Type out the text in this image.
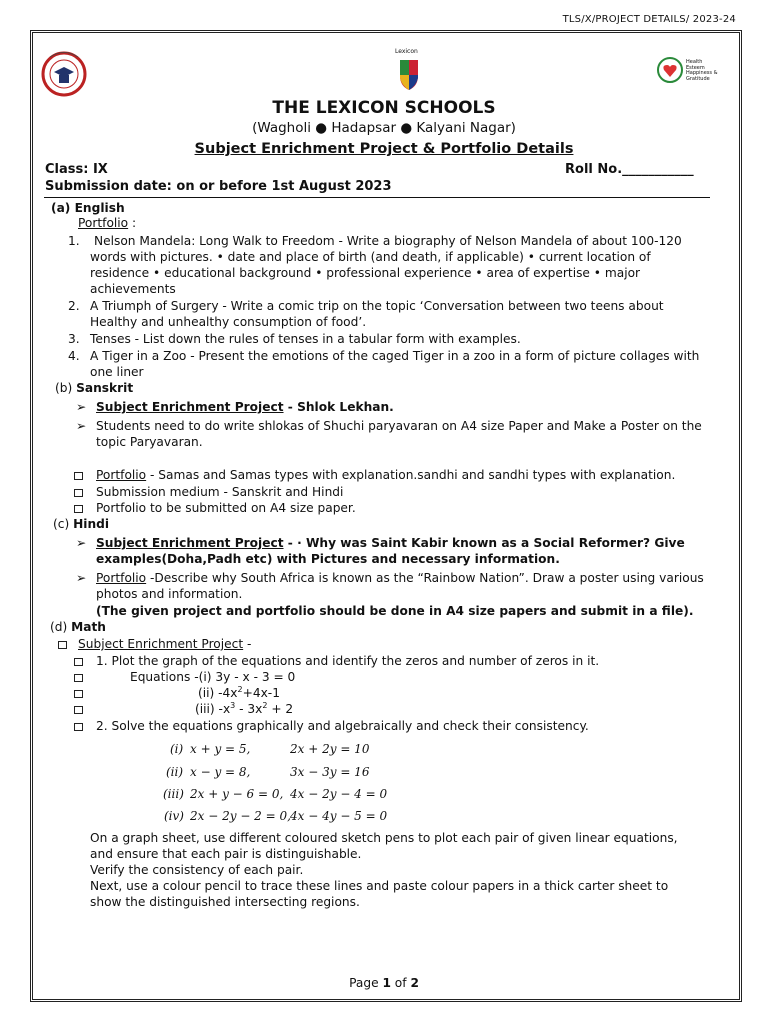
TLS/X/PROJECT DETAILS/ 2023-24
Lexicon
Health
Esteem
Happiness &
Gratitude
THE LEXICON SCHOOLS
(Wagholi ● Hadapsar ● Kalyani Nagar)
Subject Enrichment Project & Portfolio Details
Class: IX	Roll No.___________
Submission date: on or before 1st August 2023
(a) English
Portfolio :
1. Nelson Mandela: Long Walk to Freedom - Write a biography of Nelson Mandela of about 100-120
words with pictures. • date and place of birth (and death, if applicable) • current location of
residence • educational background • professional experience • area of expertise • major
achievements
2. A Triumph of Surgery - Write a comic trip on the topic ‘Conversation between two teens about
Healthy and unhealthy consumption of food’.
3. Tenses - List down the rules of tenses in a tabular form with examples.
4. A Tiger in a Zoo - Present the emotions of the caged Tiger in a zoo in a form of picture collages with
one liner
(b) Sanskrit
➢ Subject Enrichment Project - Shlok Lekhan.
➢ Students need to do write shlokas of Shuchi paryavaran on A4 size Paper and Make a Poster on the
topic Paryavaran.
Portfolio - Samas and Samas types with explanation.sandhi and sandhi types with explanation.
Submission medium - Sanskrit and Hindi
Portfolio to be submitted on A4 size paper.
(c) Hindi
➢ Subject Enrichment Project - · Why was Saint Kabir known as a Social Reformer? Give
examples(Doha,Padh etc) with Pictures and necessary information.
➢ Portfolio -Describe why South Africa is known as the “Rainbow Nation”. Draw a poster using various
photos and information.
(The given project and portfolio should be done in A4 size papers and submit in a file).
(d) Math
Subject Enrichment Project -
1. Plot the graph of the equations and identify the zeros and number of zeros in it.
Equations -(i) 3y - x - 3 = 0
(ii) $-4x^2+4x-1$
(iii) $-x^3 - 3x^2 + 2$
2. Solve the equations graphically and algebraically and check their consistency.
(i) x + y = 5,	2x + 2y = 10
(ii) x − y = 8,	3x − 3y = 16
(iii) 2x + y − 6 = 0, 4x − 2y − 4 = 0
(iv) 2x − 2y − 2 = 0, 4x − 4y − 5 = 0
On a graph sheet, use different coloured sketch pens to plot each pair of given linear equations,
and ensure that each pair is distinguishable.
Verify the consistency of each pair.
Next, use a colour pencil to trace these lines and paste colour papers in a thick carter sheet to
show the distinguished intersecting regions.
Page 1 of 2
